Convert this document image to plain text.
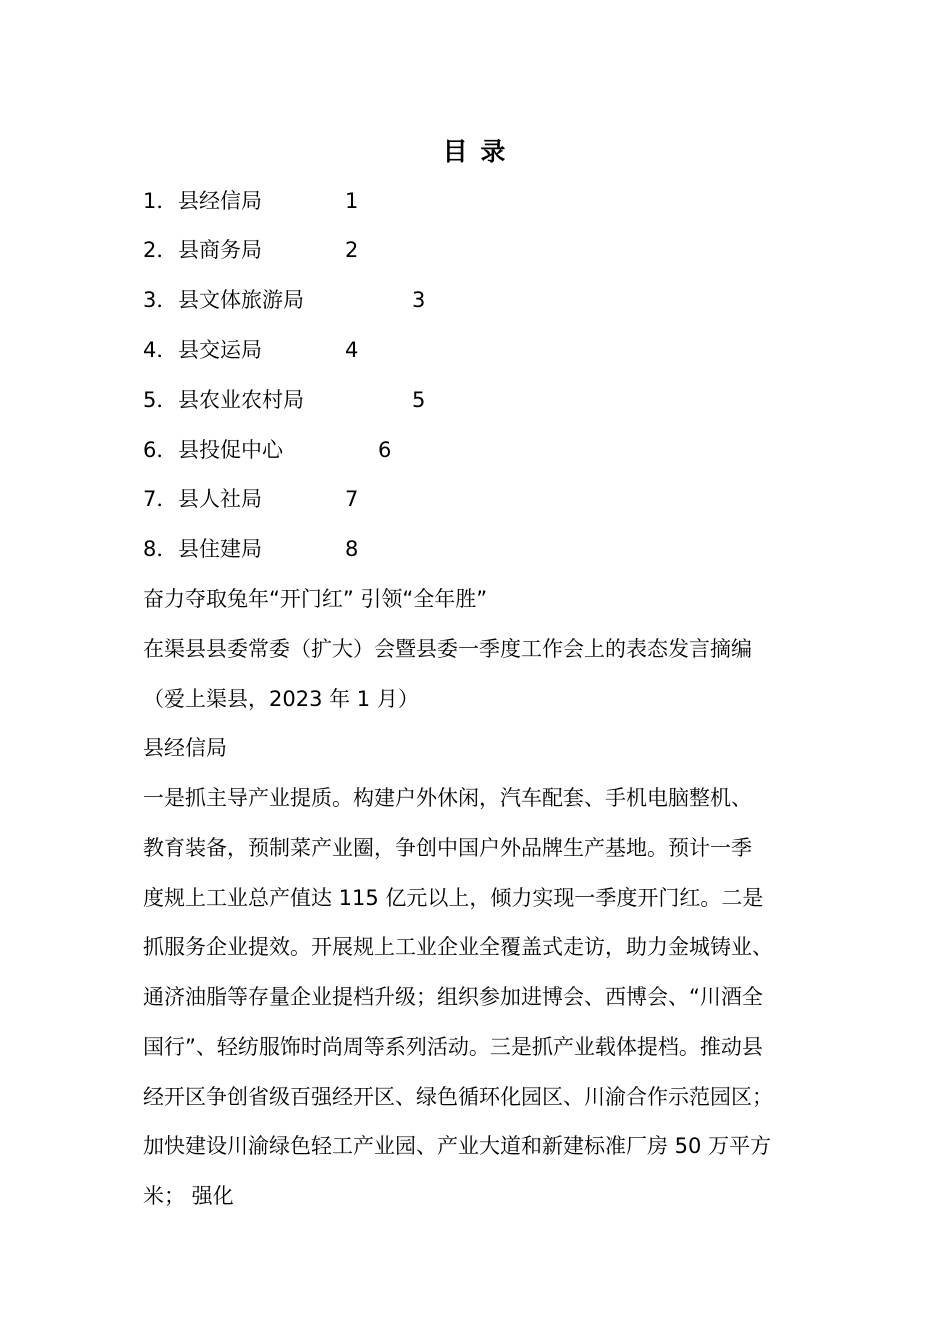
目 录
1．县经信局	1
2．县商务局	2
3．县文体旅游局	3
4．县交运局	4
5．县农业农村局	5
6．县投促中心	6
7．县人社局	7
8．县住建局	8
奋力夺取兔年“开门红” 引领“全年胜”
在渠县县委常委（扩大）会暨县委一季度工作会上的表态发言摘编
（爱上渠县，2023 年 1 月）
县经信局
一是抓主导产业提质。构建户外休闲，汽车配套、手机电脑整机、
教育装备，预制菜产业圈，争创中国户外品牌生产基地。预计一季
度规上工业总产值达 115 亿元以上，倾力实现一季度开门红。二是
抓服务企业提效。开展规上工业企业全覆盖式走访，助力金城铸业、
通济油脂等存量企业提档升级；组织参加进博会、西博会、“川酒全
国行”、轻纺服饰时尚周等系列活动。三是抓产业载体提档。推动县
经开区争创省级百强经开区、绿色循环化园区、川渝合作示范园区；
加快建设川渝绿色轻工产业园、产业大道和新建标准厂房 50 万平方
米； 强化
